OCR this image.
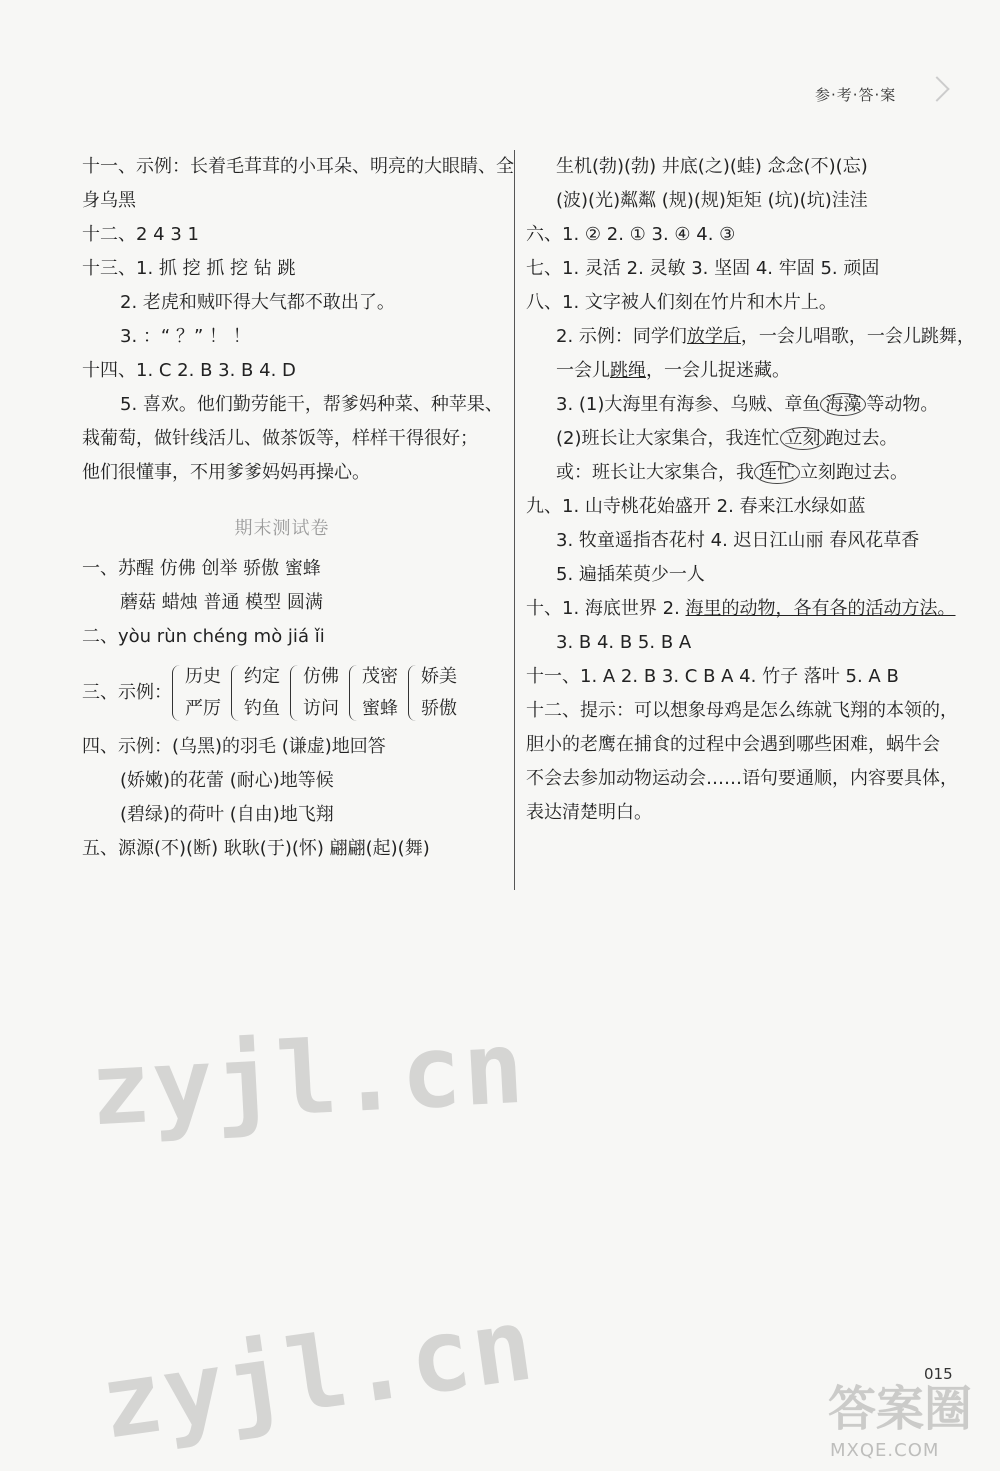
参·考·答·案
十一、示例：长着毛茸茸的小耳朵、明亮的大眼睛、全
身乌黑
十二、2 4 3 1
十三、1. 抓 挖 抓 挖 钻 跳
2. 老虎和贼吓得大气都不敢出了。
3. ：“ ？” ！ ！
十四、1. C 2. B 3. B 4. D
5. 喜欢。他们勤劳能干，帮爹妈种菜、种苹果、
栽葡萄，做针线活儿、做茶饭等，样样干得很好；
他们很懂事，不用爹爹妈妈再操心。
期末测试卷
一、苏醒 仿佛 创举 骄傲 蜜蜂
蘑菇 蜡烛 普通 模型 圆满
二、yòu rùn chéng mò jiá ǐi
三、示例：
历史
严厉
约定
钓鱼
仿佛
访问
茂密
蜜蜂
娇美
骄傲
四、示例：(乌黑)的羽毛 (谦虚)地回答
(娇嫩)的花蕾 (耐心)地等候
(碧绿)的荷叶 (自由)地飞翔
五、源源(不)(断) 耿耿(于)(怀) 翩翩(起)(舞)
生机(勃)(勃) 井底(之)(蛙) 念念(不)(忘)
(波)(光)粼粼 (规)(规)矩矩 (坑)(坑)洼洼
六、1. ② 2. ① 3. ④ 4. ③
七、1. 灵活 2. 灵敏 3. 坚固 4. 牢固 5. 顽固
八、1. 文字被人们刻在竹片和木片上。
2. 示例：同学们放学后，一会儿唱歌，一会儿跳舞，
一会儿跳绳，一会儿捉迷藏。
3. (1)大海里有海参、乌贼、章鱼 海藻 等动物。
(2)班长让大家集合，我连忙 立刻 跑过去。
或：班长让大家集合，我 连忙 立刻跑过去。
九、1. 山寺桃花始盛开 2. 春来江水绿如蓝
3. 牧童遥指杏花村 4. 迟日江山丽 春风花草香
5. 遍插茱萸少一人
十、1. 海底世界 2. 海里的动物，各有各的活动方法。
3. B 4. B 5. B A
十一、1. A 2. B 3. C B A 4. 竹子 落叶 5. A B
十二、提示：可以想象母鸡是怎么练就飞翔的本领的，
胆小的老鹰在捕食的过程中会遇到哪些困难，蜗牛会
不会去参加动物运动会……语句要通顺，内容要具体，
表达清楚明白。
zyjl.cn
zyjl.cn	015
答案圈
MXQE.COM
